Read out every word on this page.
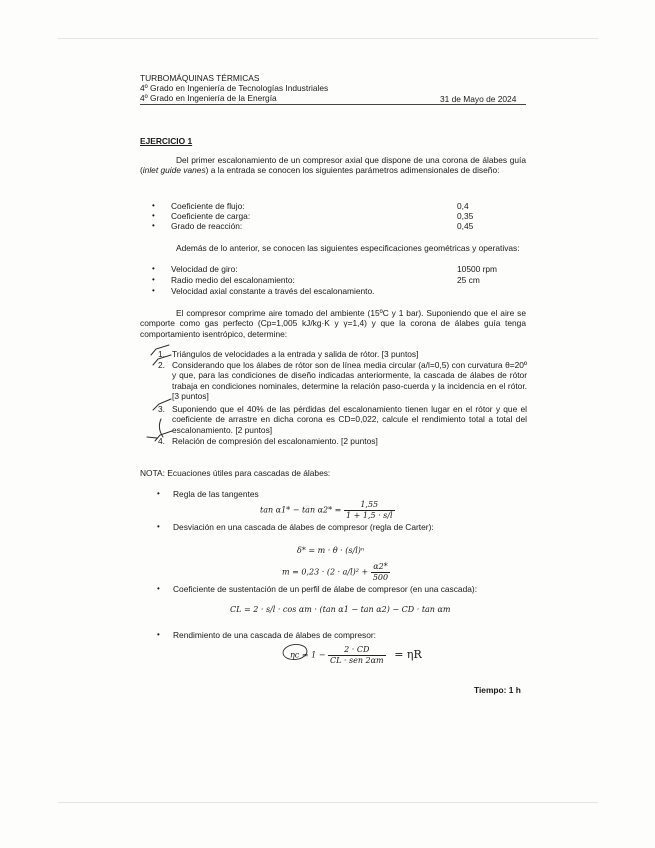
TURBOMÁQUINAS TÉRMICAS
4º Grado en Ingeniería de Tecnologías Industriales
4º Grado en Ingeniería de la Energía	31 de Mayo de 2024
EJERCICIO 1
Del primer escalonamiento de un compresor axial que dispone de una corona de álabes guía (inlet guide vanes) a la entrada se conocen los siguientes parámetros adimensionales de diseño:
• Coeficiente de flujo:	0,4
• Coeficiente de carga:	0,35
• Grado de reacción:	0,45
Además de lo anterior, se conocen las siguientes especificaciones geométricas y operativas:
• Velocidad de giro:	10500 rpm
• Radio medio del escalonamiento:	25 cm
• Velocidad axial constante a través del escalonamiento.
El compresor comprime aire tomado del ambiente (15ºC y 1 bar). Suponiendo que el aire se comporte como gas perfecto (Cp=1,005 kJ/kg·K y γ=1,4) y que la corona de álabes guía tenga comportamiento isentrópico, determine:
1. Triángulos de velocidades a la entrada y salida de rótor. [3 puntos]
2. Considerando que los álabes de rótor son de línea media circular (a/l=0,5) con curvatura θ=20º y que, para las condiciones de diseño indicadas anteriormente, la cascada de álabes de rótor trabaja en condiciones nominales, determine la relación paso-cuerda y la incidencia en el rótor. [3 puntos]
3. Suponiendo que el 40% de las pérdidas del escalonamiento tienen lugar en el rótor y que el coeficiente de arrastre en dicha corona es CD=0,022, calcule el rendimiento total a total del escalonamiento. [2 puntos]
4. Relación de compresión del escalonamiento. [2 puntos]
NOTA: Ecuaciones útiles para cascadas de álabes:
• Regla de las tangentes
$\tan \alpha 1* - \tan \alpha 2* = \frac{1,55}{1 + 1,5 \cdot s/l}$
• Desviación en una cascada de álabes de compresor (regla de Carter):
δ* = m · θ · (s/l)ⁿ
$m = 0,23 \cdot (2 \cdot a/l)^2 + \frac{\alpha 2*}{500}$
• Coeficiente de sustentación de un perfil de álabe de compresor (en una cascada):
CL = 2 · s/l · cos αm · (tan α1 − tan α2) − CD · tan αm
• Rendimiento de una cascada de álabes de compresor:
$\eta c = 1 - \frac{2 \cdot CD}{\text{CL · sen 2αm}} = \eta R$
Tiempo: 1 h
